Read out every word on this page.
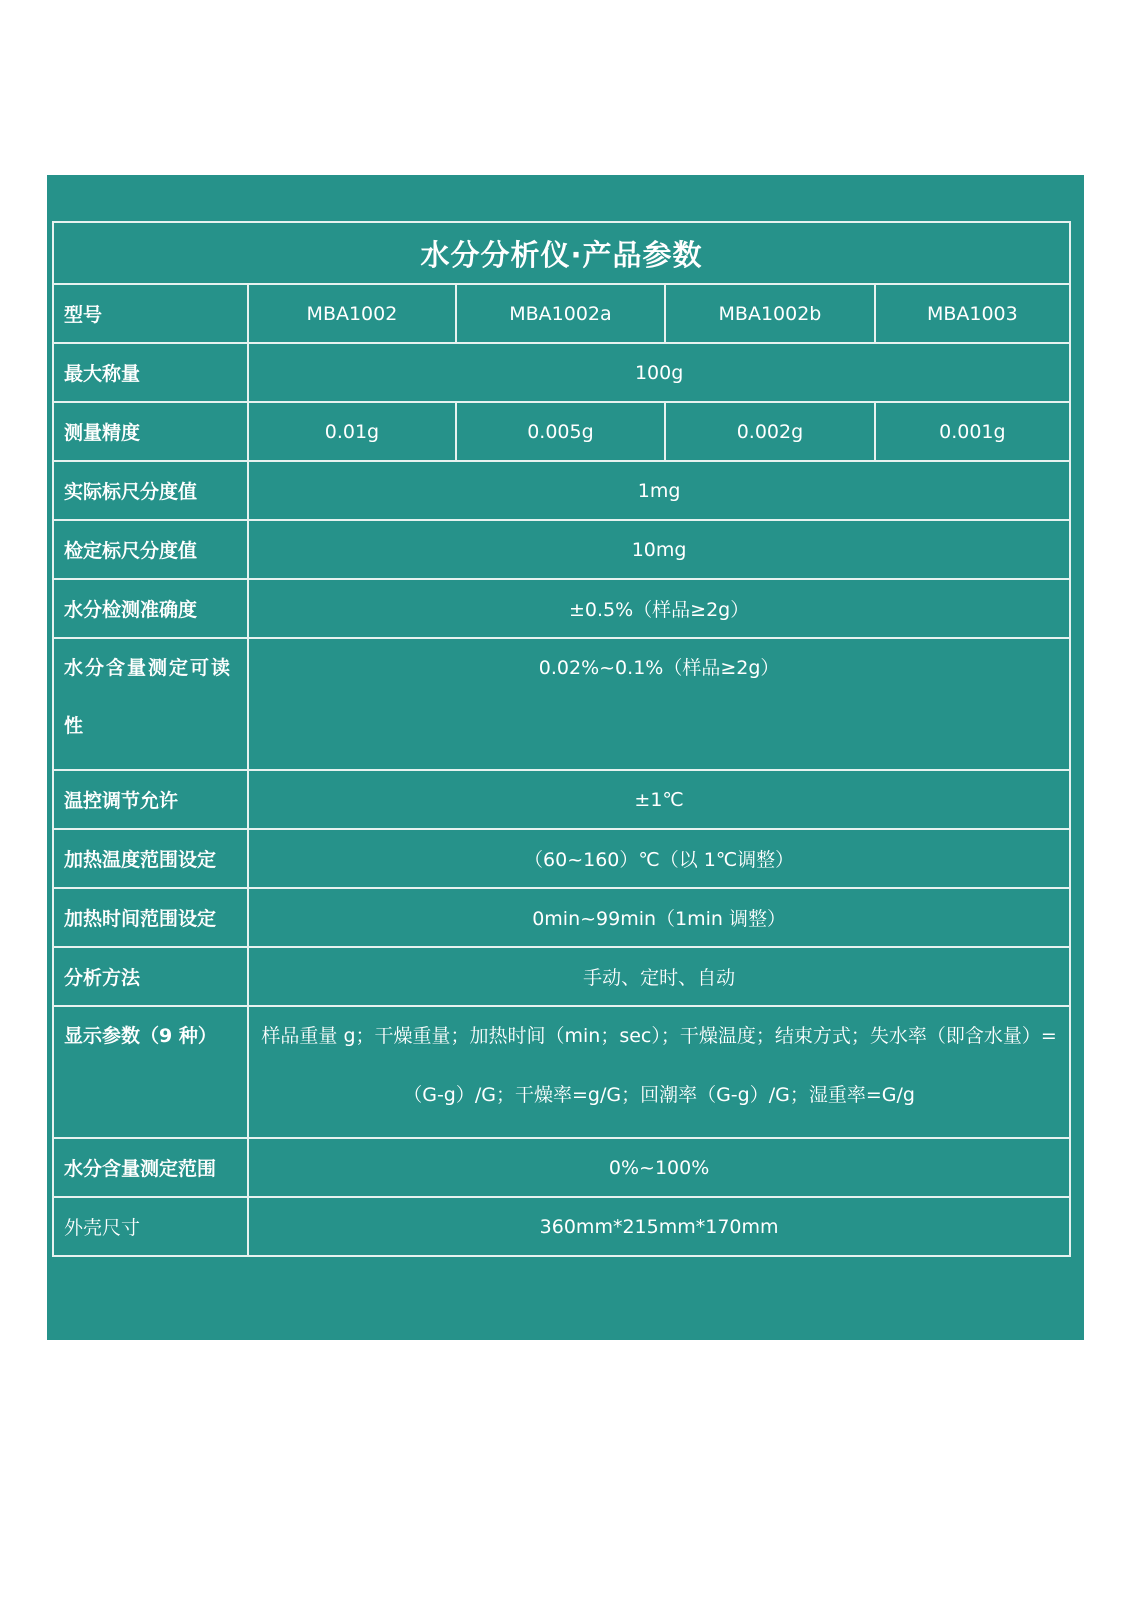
水分分析仪·产品参数				
型号	MBA1002	MBA1002a	MBA1002b	MBA1003
最大称量	100g			
测量精度	0.01g	0.005g	0.002g	0.001g
实际标尺分度值	1mg			
检定标尺分度值	10mg			
水分检测准确度	±0.5%（样品≥2g）			

水分含量测定可读性	0.02%~0.1%（样品≥2g）			
温控调节允许	±1℃			
加热温度范围设定	（60~160）℃（以 1℃调整）			
加热时间范围设定	0min~99min（1min 调整）			
分析方法	手动、定时、自动			
显示参数（9 种）	样品重量 g；干燥重量；加热时间（min；sec）；干燥温度；结束方式；失水率（即含水量）=（G-g）/G；干燥率=g/G；回潮率（G-g）/G；湿重率=G/g			

水分含量测定范围	0%~100%			
外壳尺寸	360mm*215mm*170mm			
